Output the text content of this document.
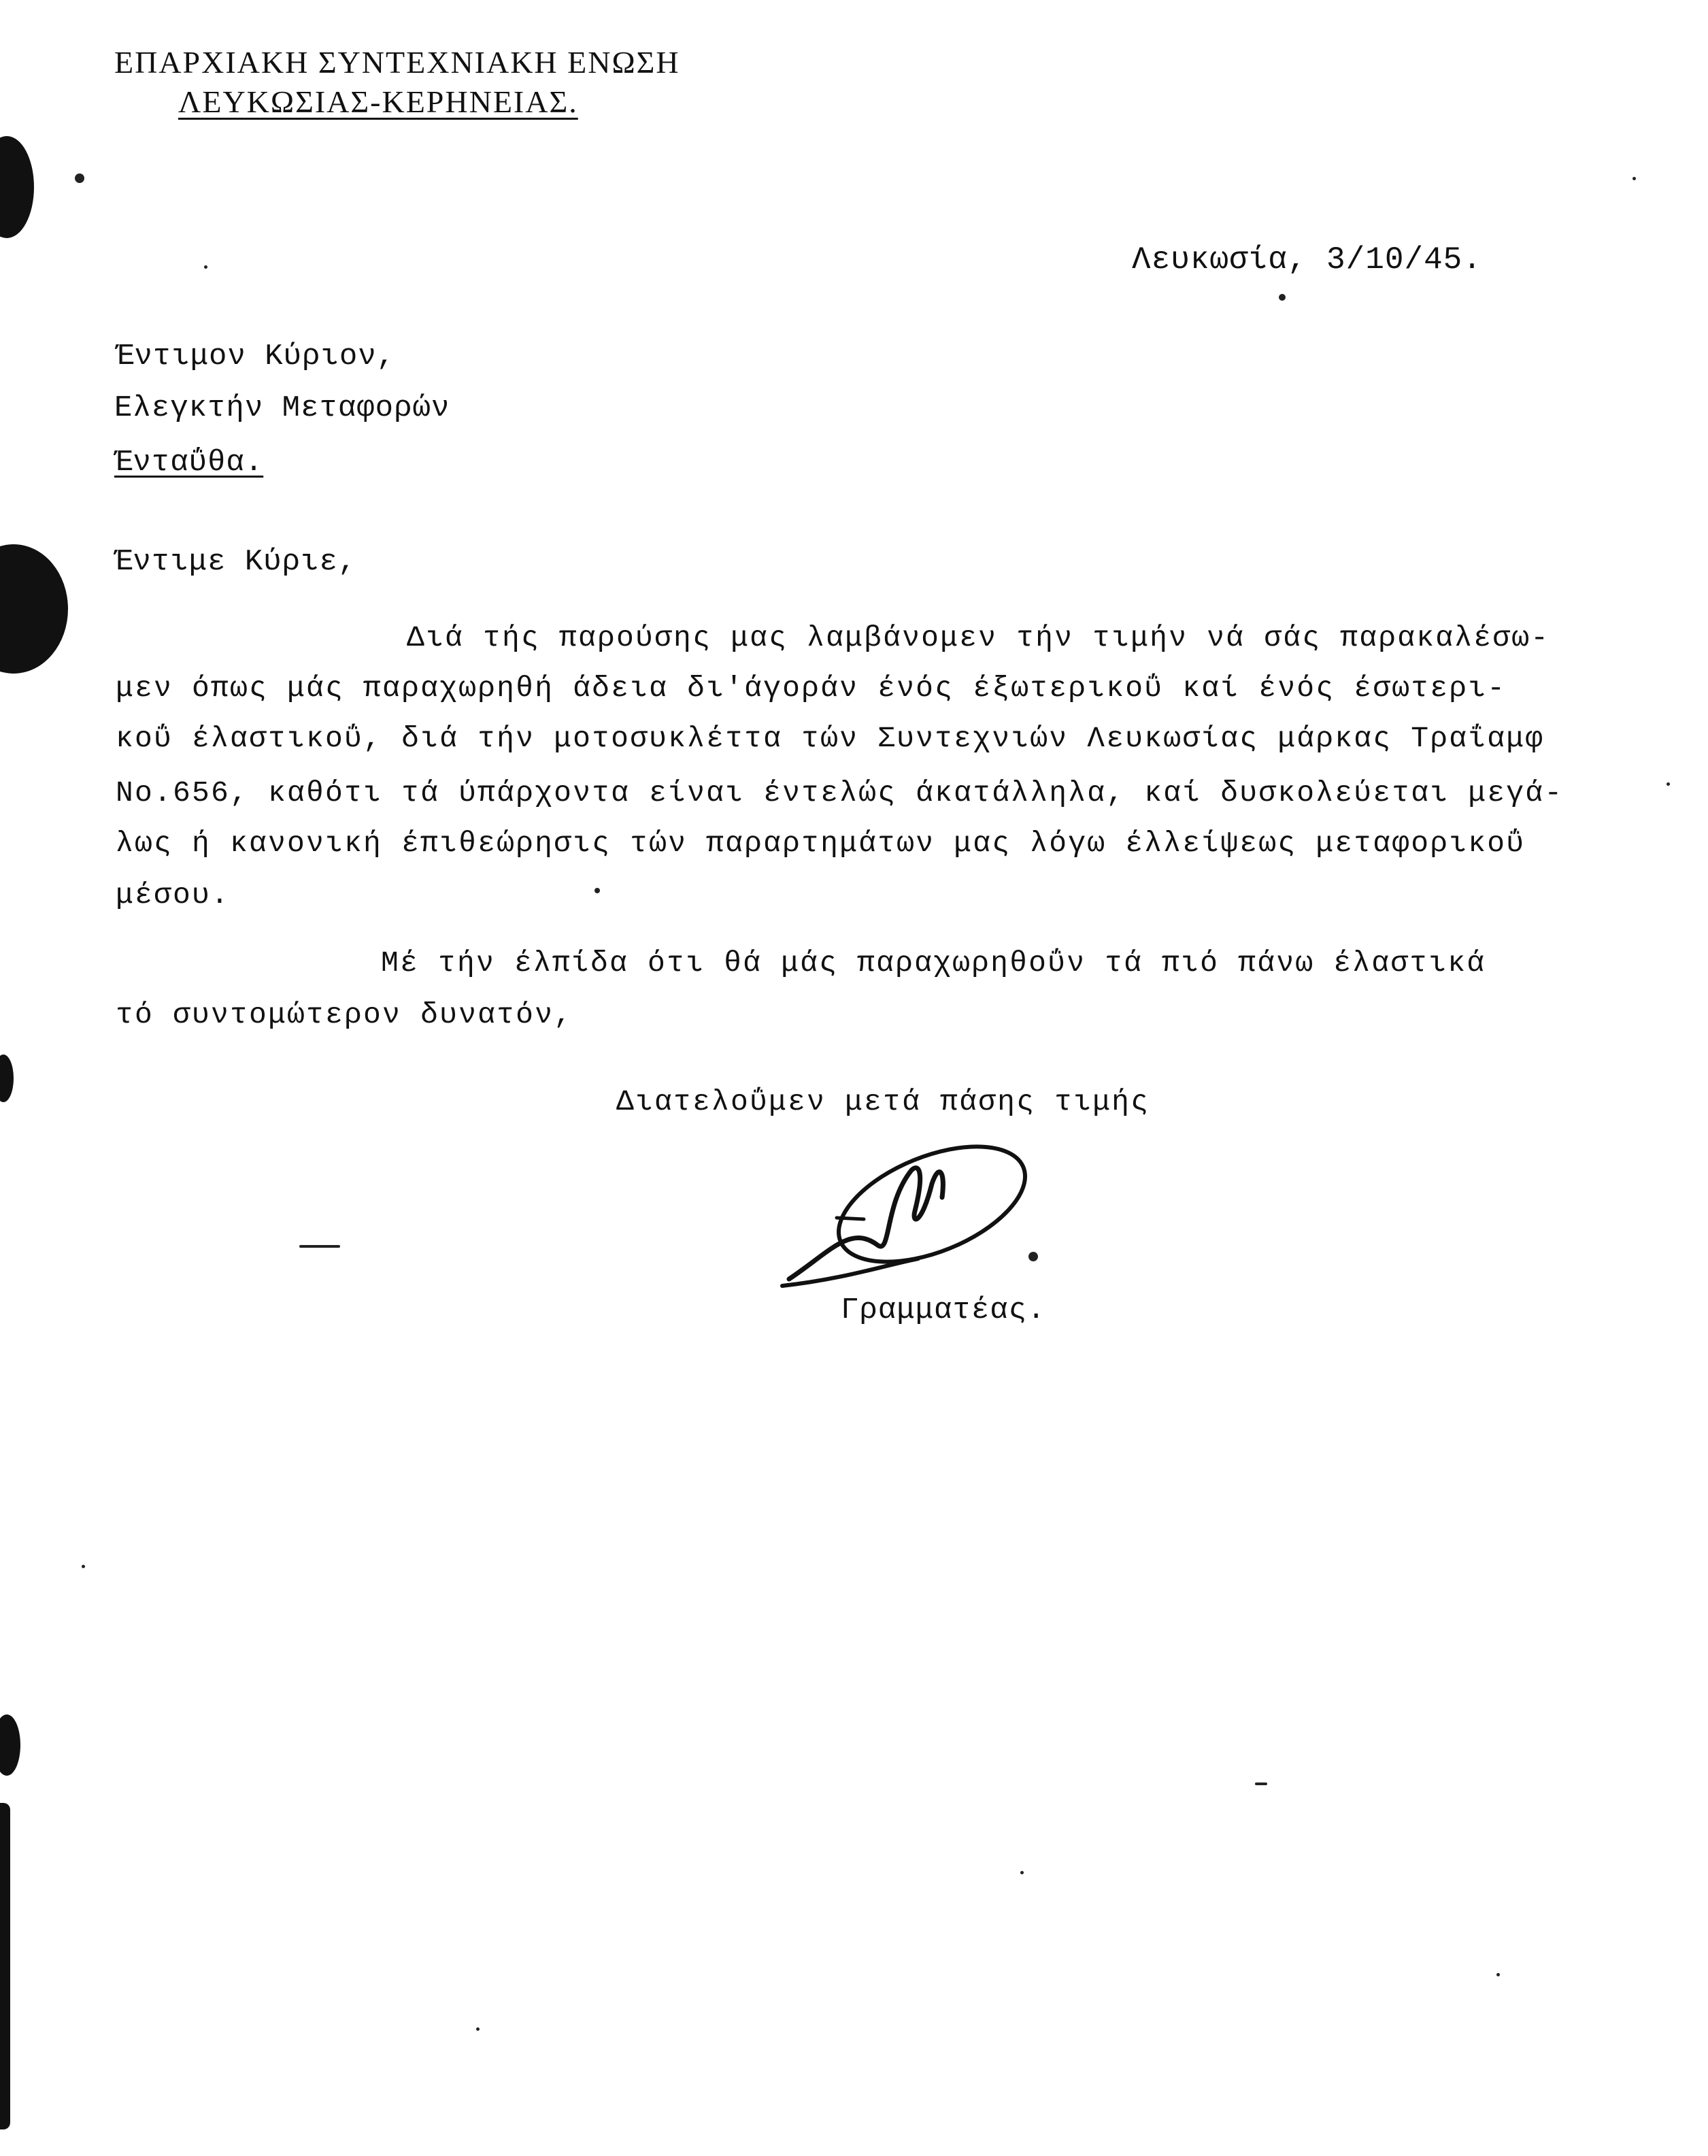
ΕΠΑΡΧΙΑΚΗ ΣΥΝΤΕΧΝΙΑΚΗ ΕΝΩΣΗ
ΛΕΥΚΩΣΙΑΣ-ΚΕΡΗΝΕΙΑΣ.
Λευκωσία, 3/10/45.
Έντιμον Κύριον,
Ελεγκτήν Μεταφορών
Ένταΰθα.
Έντιμε Κύριε,
Διά τής παρούσης μας λαμβάνομεν τήν τιμήν νά σάς παρακαλέσω-
μεν όπως μάς παραχωρηθή άδεια δι'άγοράν ένός έξωτερικοΰ καί ένός έσωτερι-
κοΰ έλαστικοΰ, διά τήν μοτοσυκλέττα τών Συντεχνιών Λευκωσίας μάρκας Τραΐαμφ
Νο.656, καθότι τά ύπάρχοντα είναι έντελώς άκατάλληλα, καί δυσκολεύεται μεγά-
λως ή κανονική έπιθεώρησις τών παραρτημάτων μας λόγω έλλείψεως μεταφορικοΰ
μέσου.
Μέ τήν έλπίδα ότι θά μάς παραχωρηθοΰν τά πιό πάνω έλαστικά
τό συντομώτερον δυνατόν,
Διατελοΰμεν μετά πάσης τιμής
Γραμματέας.
